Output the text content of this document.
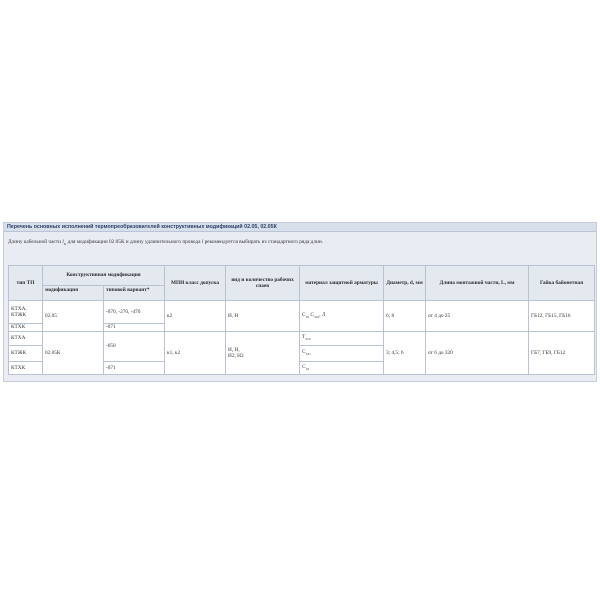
Перечень основных исполнений термопреобразователей конструктивных модификаций 02.05, 02.05К
Длину кабельной части $l_K$ для модификации 02.05К и длину удлинительного провода l рекомендуется выбирать из стандартного ряда длин.
тип ТП	Конструктивная модификация		МПИ класс допуска	вид и количество рабочих спаев	материал защитной арматуры	Диаметр, d, мм	Длина монтажной части, L, мм	Гайка байонетная
	модификация	типовой вариант*						
КТХА, КТЖК	02.05	-070, -270, -470	к2	И, Н	$С_{10}$ $С_{316}$, Л	6; 8	от 4 до 25	ГБ12, ГБ15, ГБ16
КТХК		-071						
КТХА	02.05К	-050	к1, к2	И, Н,
И2, Н2	$Т_{310}$	3; 4,5; 6	от 6 до 320	ГБ7, ГБ9, ГБ12
КТЖК					$С_{321}$
КТХК		-071			$С_{10}$
